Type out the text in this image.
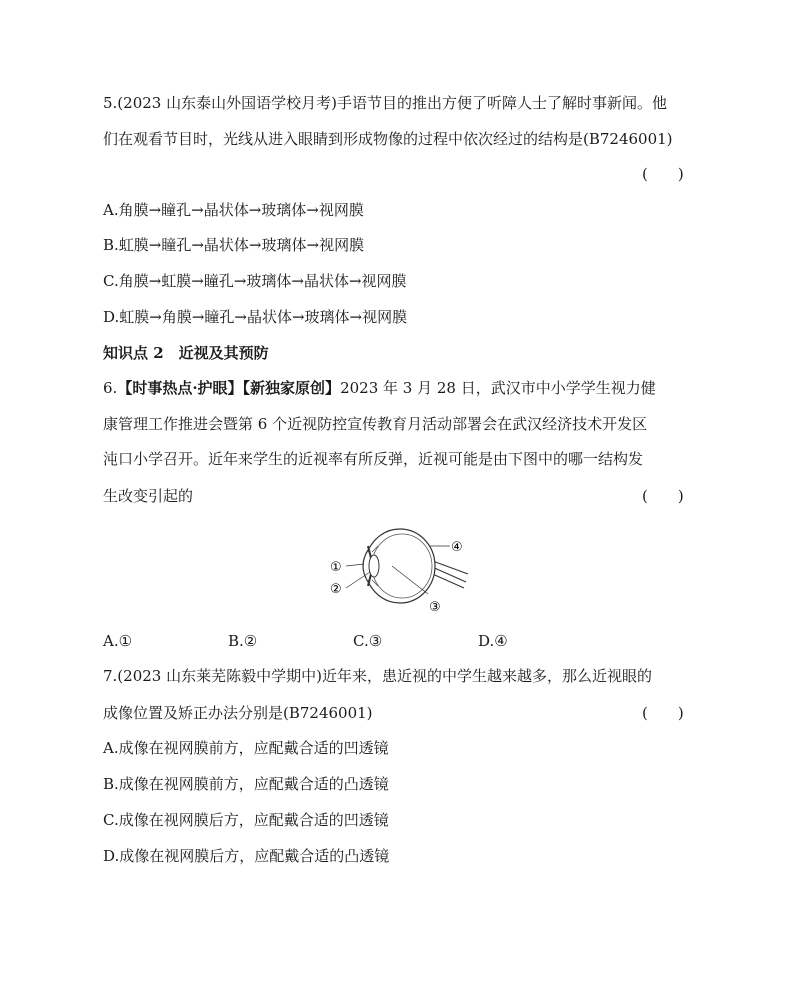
5.(2023 山东泰山外国语学校月考)手语节目的推出方便了听障人士了解时事新闻。他
们在观看节目时，光线从进入眼睛到形成物像的过程中依次经过的结构是(B7246001)
(　　)
A.角膜→瞳孔→晶状体→玻璃体→视网膜
B.虹膜→瞳孔→晶状体→玻璃体→视网膜
C.角膜→虹膜→瞳孔→玻璃体→晶状体→视网膜
D.虹膜→角膜→瞳孔→晶状体→玻璃体→视网膜
知识点 2　近视及其预防
6.【时事热点·护眼】【新独家原创】2023 年 3 月 28 日，武汉市中小学学生视力健
康管理工作推进会暨第 6 个近视防控宣传教育月活动部署会在武汉经济技术开发区
沌口小学召开。近年来学生的近视率有所反弹，近视可能是由下图中的哪一结构发
生改变引起的	(　　)
①
②
③
④
A.①	B.②	C.③	D.④
7.(2023 山东莱芜陈毅中学期中)近年来，患近视的中学生越来越多，那么近视眼的
成像位置及矫正办法分别是(B7246001)	(　　)
A.成像在视网膜前方，应配戴合适的凹透镜
B.成像在视网膜前方，应配戴合适的凸透镜
C.成像在视网膜后方，应配戴合适的凹透镜
D.成像在视网膜后方，应配戴合适的凸透镜
